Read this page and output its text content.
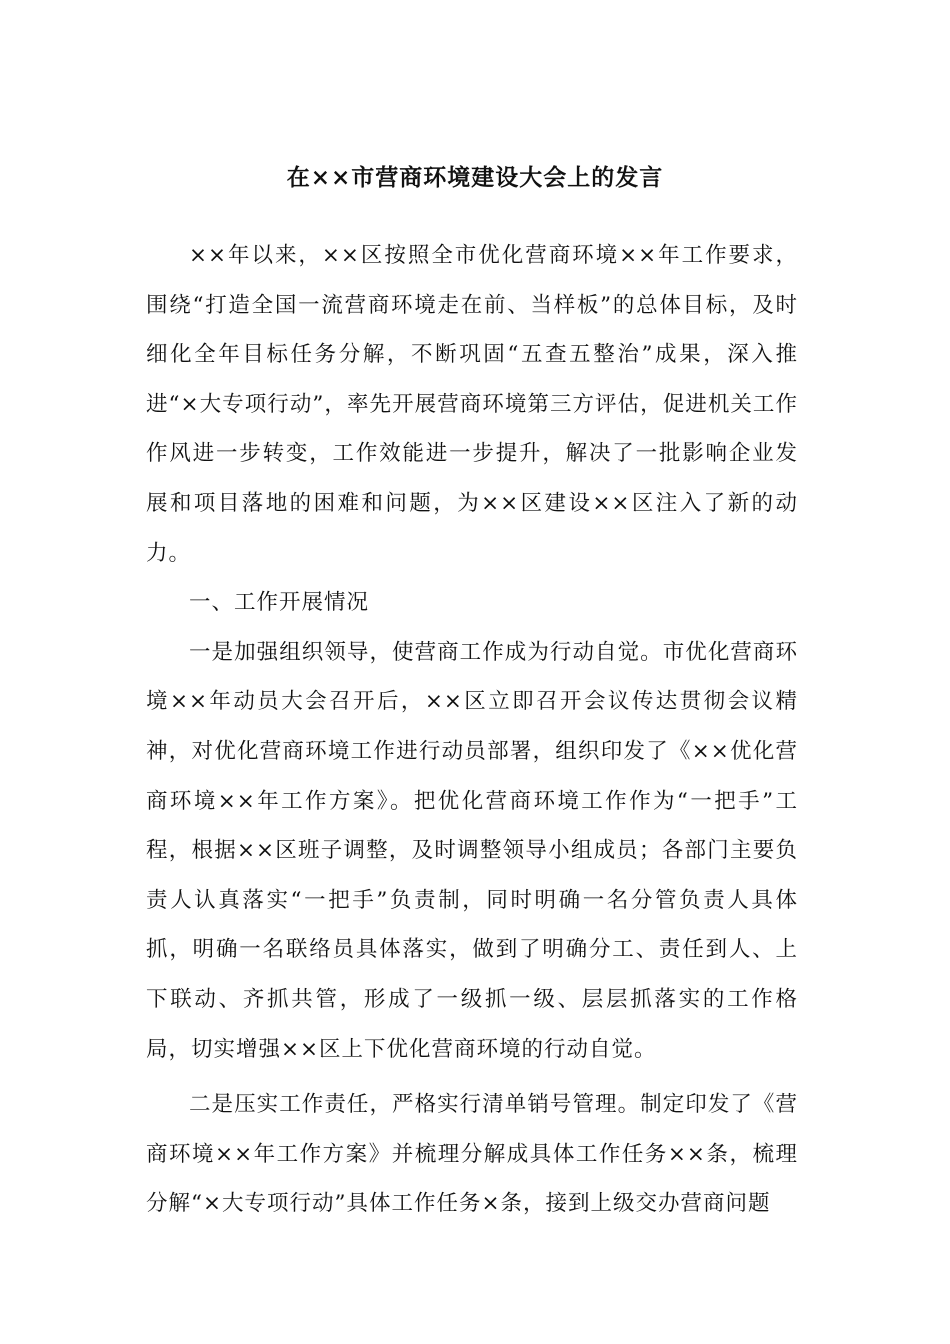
在××市营商环境建设大会上的发言

××年以来，××区按照全市优化营商环境××年工作要求，围绕“打造全国一流营商环境走在前、当样板”的总体目标，及时细化全年目标任务分解，不断巩固“五查五整治”成果，深入推进“×大专项行动”，率先开展营商环境第三方评估，促进机关工作作风进一步转变，工作效能进一步提升，解决了一批影响企业发展和项目落地的困难和问题，为××区建设××区注入了新的动力。

一、工作开展情况

一是加强组织领导，使营商工作成为行动自觉。市优化营商环境××年动员大会召开后，××区立即召开会议传达贯彻会议精神，对优化营商环境工作进行动员部署，组织印发了《××优化营商环境××年工作方案》。把优化营商环境工作作为“一把手”工程，根据××区班子调整，及时调整领导小组成员；各部门主要负责人认真落实“一把手”负责制，同时明确一名分管负责人具体抓，明确一名联络员具体落实，做到了明确分工、责任到人、上下联动、齐抓共管，形成了一级抓一级、层层抓落实的工作格局，切实增强××区上下优化营商环境的行动自觉。

二是压实工作责任，严格实行清单销号管理。制定印发了《营商环境××年工作方案》并梳理分解成具体工作任务××条，梳理分解“×大专项行动”具体工作任务×条，接到上级交办营商问题
